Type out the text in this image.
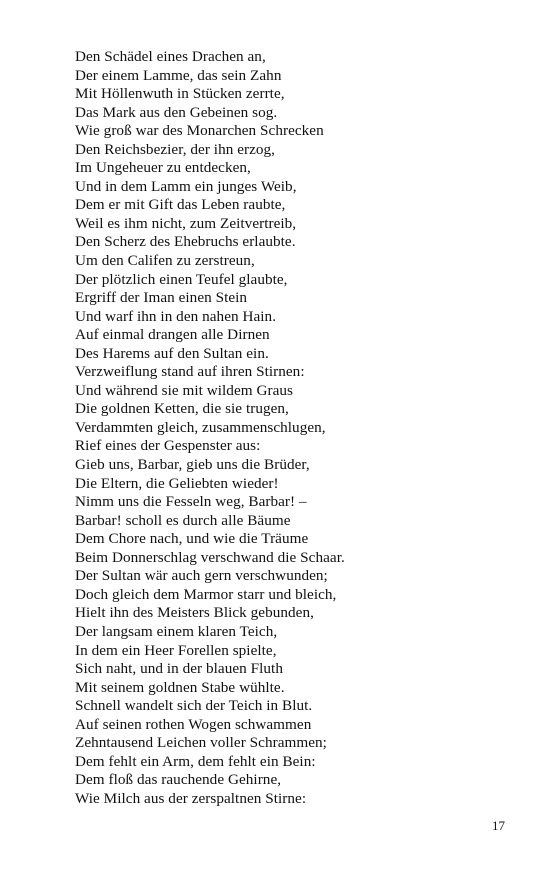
Den Schädel eines Drachen an,
Der einem Lamme, das sein Zahn
Mit Höllenwuth in Stücken zerrte,
Das Mark aus den Gebeinen sog.
Wie groß war des Monarchen Schrecken
Den Reichsbezier, der ihn erzog,
Im Ungeheuer zu entdecken,
Und in dem Lamm ein junges Weib,
Dem er mit Gift das Leben raubte,
Weil es ihm nicht, zum Zeitvertreib,
Den Scherz des Ehebruchs erlaubte.
Um den Califen zu zerstreun,
Der plötzlich einen Teufel glaubte,
Ergriff der Iman einen Stein
Und warf ihn in den nahen Hain.
Auf einmal drangen alle Dirnen
Des Harems auf den Sultan ein.
Verzweiflung stand auf ihren Stirnen:
Und während sie mit wildem Graus
Die goldnen Ketten, die sie trugen,
Verdammten gleich, zusammenschlugen,
Rief eines der Gespenster aus:
Gieb uns, Barbar, gieb uns die Brüder,
Die Eltern, die Geliebten wieder!
Nimm uns die Fesseln weg, Barbar! –
Barbar! scholl es durch alle Bäume
Dem Chore nach, und wie die Träume
Beim Donnerschlag verschwand die Schaar.
Der Sultan wär auch gern verschwunden;
Doch gleich dem Marmor starr und bleich,
Hielt ihn des Meisters Blick gebunden,
Der langsam einem klaren Teich,
In dem ein Heer Forellen spielte,
Sich naht, und in der blauen Fluth
Mit seinem goldnen Stabe wühlte.
Schnell wandelt sich der Teich in Blut.
Auf seinen rothen Wogen schwammen
Zehntausend Leichen voller Schrammen;
Dem fehlt ein Arm, dem fehlt ein Bein:
Dem floß das rauchende Gehirne,
Wie Milch aus der zerspaltnen Stirne:
17
